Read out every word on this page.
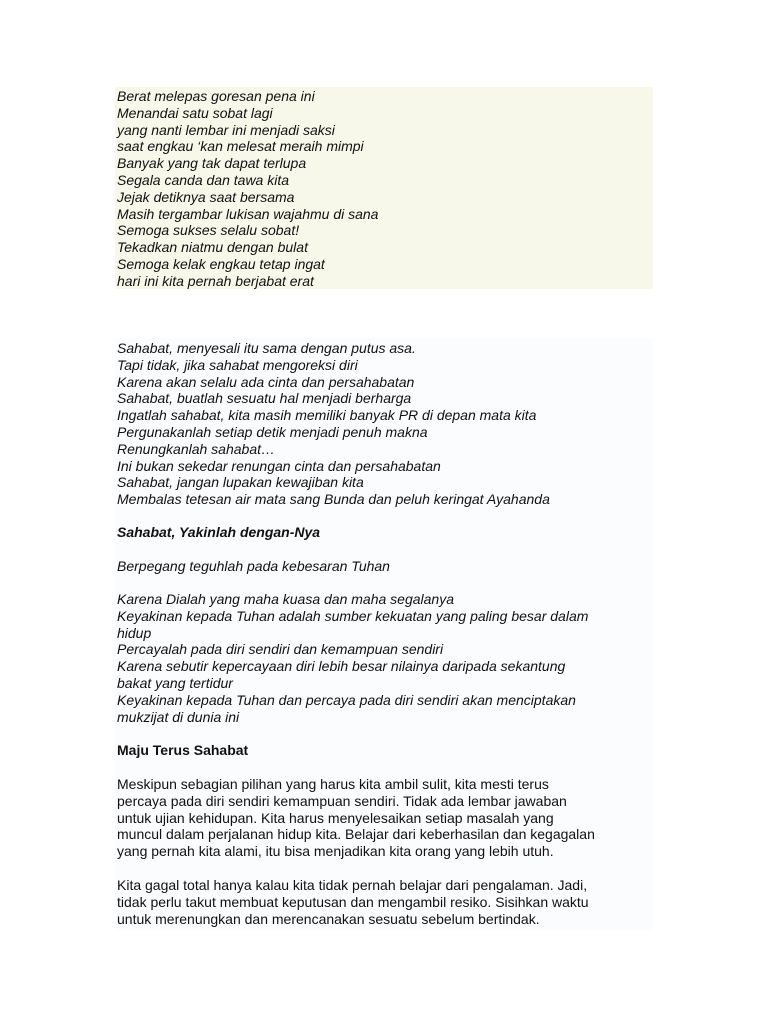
Berat melepas goresan pena ini
Menandai satu sobat lagi
yang nanti lembar ini menjadi saksi
saat engkau ‘kan melesat meraih mimpi
Banyak yang tak dapat terlupa
Segala canda dan tawa kita
Jejak detiknya saat bersama
Masih tergambar lukisan wajahmu di sana
Semoga sukses selalu sobat!
Tekadkan niatmu dengan bulat
Semoga kelak engkau tetap ingat
hari ini kita pernah berjabat erat
Sahabat, menyesali itu sama dengan putus asa.
Tapi tidak, jika sahabat mengoreksi diri
Karena akan selalu ada cinta dan persahabatan
Sahabat, buatlah sesuatu hal menjadi berharga
Ingatlah sahabat, kita masih memiliki banyak PR di depan mata kita
Pergunakanlah setiap detik menjadi penuh makna
Renungkanlah sahabat…
Ini bukan sekedar renungan cinta dan persahabatan
Sahabat, jangan lupakan kewajiban kita
Membalas tetesan air mata sang Bunda dan peluh keringat Ayahanda
Sahabat, Yakinlah dengan-Nya
Berpegang teguhlah pada kebesaran Tuhan
Karena Dialah yang maha kuasa dan maha segalanya
Keyakinan kepada Tuhan adalah sumber kekuatan yang paling besar dalam
hidup
Percayalah pada diri sendiri dan kemampuan sendiri
Karena sebutir kepercayaan diri lebih besar nilainya daripada sekantung
bakat yang tertidur
Keyakinan kepada Tuhan dan percaya pada diri sendiri akan menciptakan
mukzijat di dunia ini
Maju Terus Sahabat
Meskipun sebagian pilihan yang harus kita ambil sulit, kita mesti terus
percaya pada diri sendiri kemampuan sendiri. Tidak ada lembar jawaban
untuk ujian kehidupan. Kita harus menyelesaikan setiap masalah yang
muncul dalam perjalanan hidup kita. Belajar dari keberhasilan dan kegagalan
yang pernah kita alami, itu bisa menjadikan kita orang yang lebih utuh.
Kita gagal total hanya kalau kita tidak pernah belajar dari pengalaman. Jadi,
tidak perlu takut membuat keputusan dan mengambil resiko. Sisihkan waktu
untuk merenungkan dan merencanakan sesuatu sebelum bertindak.
